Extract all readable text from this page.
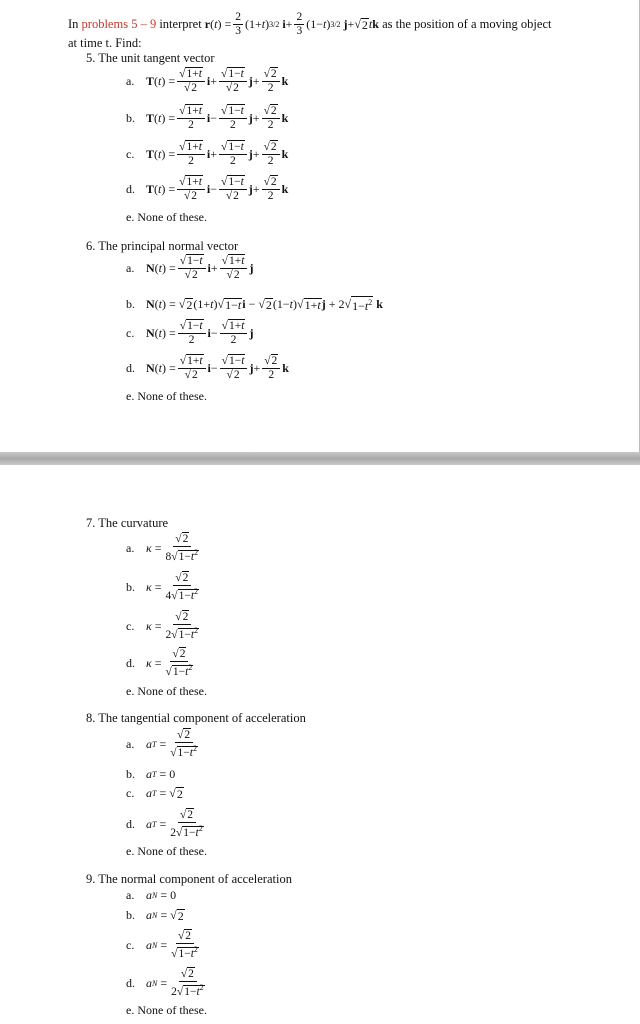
In problems 5 – 9 interpret r ( t ) = $\frac{2}{3} (1+ t$ ) 3/2
$i + \frac{2}{3} (1- t$ ) 3/2
j +√ 2 t k as the position of a moving object
at time t. Find:
5. The unit tangent vector
a. T ( t ) = $\frac{√1+t}{√2}$ $i + \frac{√1-t}{√2}$ $j + \frac{√2}{2}$ k
b. T ( t ) = $\frac{√1+t}{2}$ $i - \frac{√1-t}{2}$ $j + \frac{√2}{2}$ k
c. T ( t ) = $\frac{√1+t}{2}$ $i + \frac{√1-t}{2}$ $j + \frac{√2}{2}$ k
d. T ( t ) = $\frac{√1+t}{√2}$ $i - \frac{√1-t}{√2}$ $j + \frac{√2}{2}$ k
e. None of these.
6. The principal normal vector
a. N ( t ) = $\frac{√1-t}{√2}$ $i + \frac{√1+t}{√2}$ j
b. N ( t ) = √ 2 (1+ t )√ 1−t i − √ 2 (1− t )√ 1+t j + 2√ $1-t^2$
k
c. N ( t ) = $\frac{√1-t}{2}$ $i - \frac{√1+t}{2}$ j
d. N ( t ) = $\frac{√1+t}{√2}$ $i - \frac{√1-t}{√2}$ $j + \frac{√2}{2}$ k
e. None of these.
7. The curvature
a. $\kappa = \frac{√2}{8√1-t^2}$
b. $\kappa = \frac{√2}{4√1-t^2}$
c. $\kappa = \frac{√2}{2√1-t^2}$
d. $\kappa = \frac{√2}{√1-t^2}$
e. None of these.
8. The tangential component of acceleration
a. a $T = \frac{√2}{√1-t^2}$
b. a T = 0
c. a T = √ 2
d. a $T = \frac{√2}{2√1-t^2}$
e. None of these.
9. The normal component of acceleration
a. a N = 0
b. a N = √ 2
c. a $N = \frac{√2}{√1-t^2}$
d. a $N = \frac{√2}{2√1-t^2}$
e. None of these.
